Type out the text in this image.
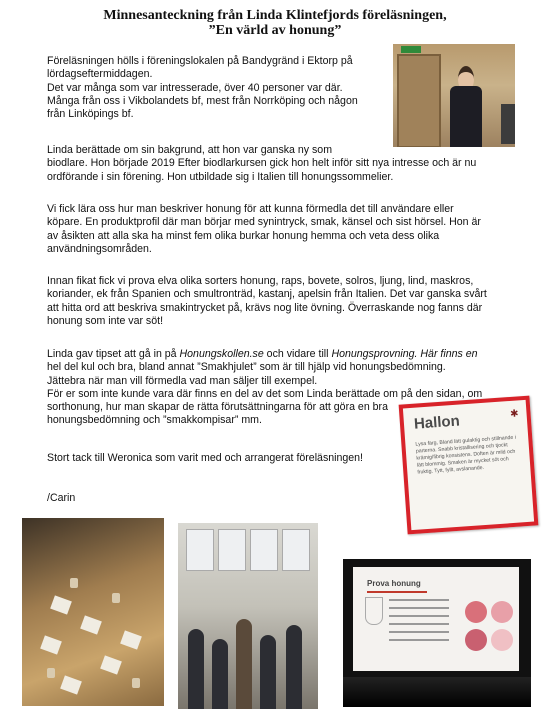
Minnesanteckning från Linda Klintefjords föreläsningen,
”En värld av honung”
Föreläsningen hölls i föreningslokalen på Bandygränd i Ektorp på
lördagseftermiddagen.
Det var många som var intresserade, över 40 personer var där.
Många från oss i Vikbolandets bf, mest från Norrköping och någon
från Linköpings bf.
Linda berättade om sin bakgrund, att hon var ganska ny som
biodlare. Hon började 2019 Efter biodlarkursen gick hon helt inför sitt nya intresse och är nu
ordförande i sin förening. Hon utbildade sig i Italien till honungssommelier.
Vi fick lära oss hur man beskriver honung för att kunna förmedla det till användare eller
köpare. En produktprofil där man börjar med synintryck, smak, känsel och sist hörsel. Hon är
av åsikten att alla ska ha minst fem olika burkar honung hemma och veta dess olika
användningsområden.
Innan fikat fick vi prova elva olika sorters honung, raps, bovete, solros, ljung, lind, maskros,
koriander, ek från Spanien och smultronträd, kastanj, apelsin från Italien. Det var ganska svårt
att hitta ord att beskriva smakintrycket på, krävs nog lite övning. Överraskande nog fanns där
honung som inte var söt!
Linda gav tipset att gå in på Honungskollen.se och vidare till Honungsprovning. Här finns en
hel del kul och bra, bland annat ”Smakhjulet” som är till hjälp vid honungsbedömning.
Jättebra när man vill förmedla vad man säljer till exempel.
För er som inte kunde vara där finns en del av det som Linda berättade om på den sidan, om
sorthonung, hur man skapar de rätta förutsättningarna för att göra en bra
honungsbedömning och ”smakkompisar” mm.
Stort tack till Weronica som varit med och arrangerat föreläsningen!
/Carin
Hallon	✱
Lysa färg, Bland lätt gulaktig och stillnande i parterna. Snabb kristallisering och tjockt krämig/fibrig konsistens. Doften är mild och lätt blommig. Smaken är mycket söt och fruktig. Tytt, fyllt, avslanande.
Prova honung
